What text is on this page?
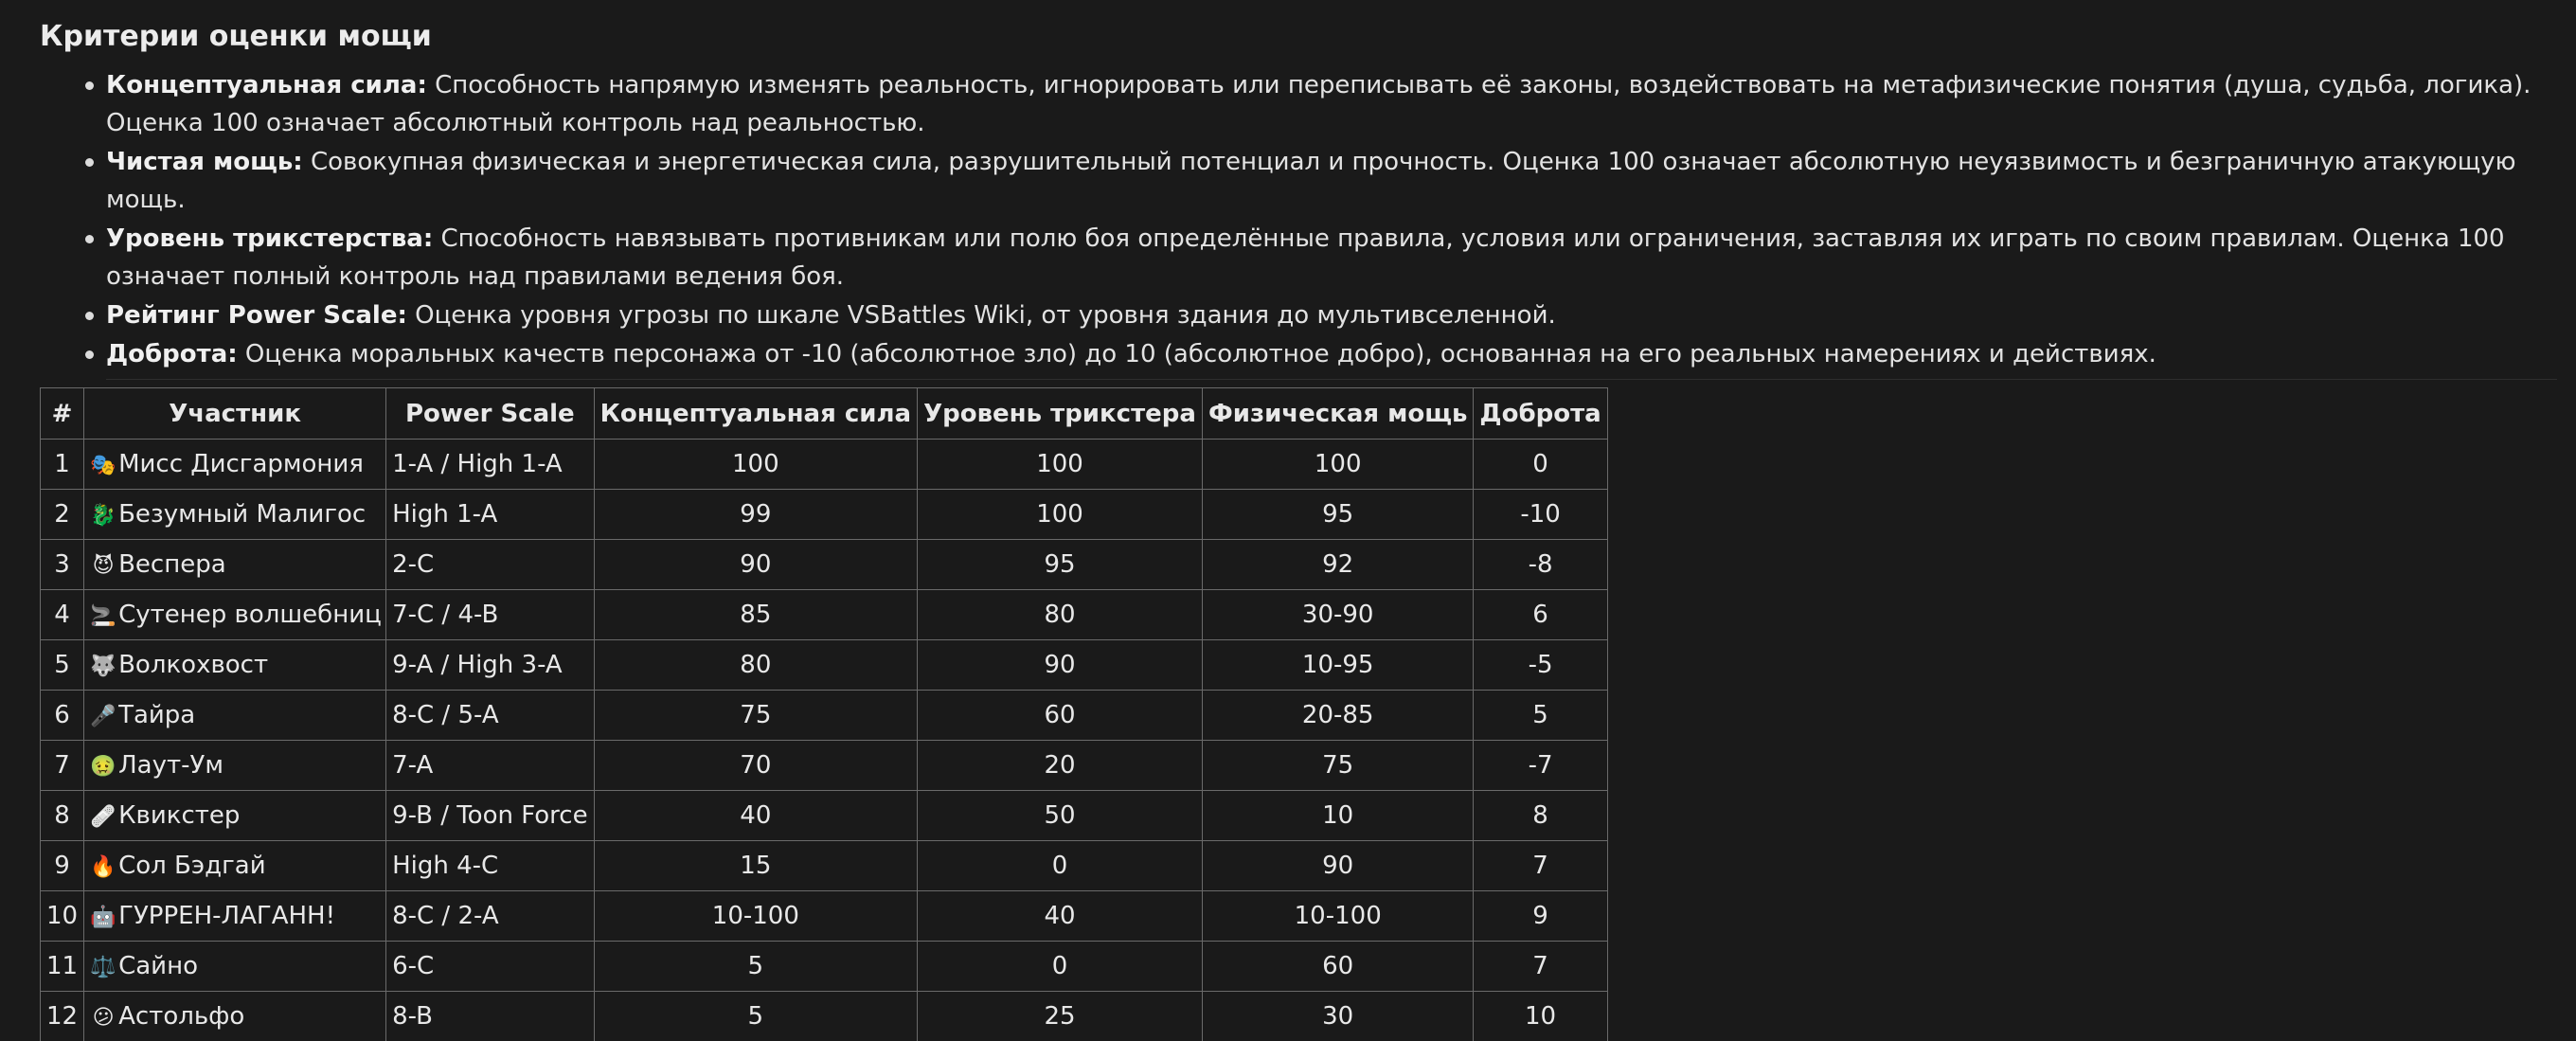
Критерии оценки мощи
Концептуальная сила: Способность напрямую изменять реальность, игнорировать или переписывать её законы, воздействовать на метафизические понятия (душа, судьба, логика). Оценка 100 означает абсолютный контроль над реальностью.
Чистая мощь: Совокупная физическая и энергетическая сила, разрушительный потенциал и прочность. Оценка 100 означает абсолютную неуязвимость и безграничную атакующую мощь.
Уровень трикстерства: Способность навязывать противникам или полю боя определённые правила, условия или ограничения, заставляя их играть по своим правилам. Оценка 100 означает полный контроль над правилами ведения боя.
Рейтинг Power Scale: Оценка уровня угрозы по шкале VSBattles Wiki, от уровня здания до мультивселенной.
Доброта: Оценка моральных качеств персонажа от -10 (абсолютное зло) до 10 (абсолютное добро), основанная на его реальных намерениях и действиях.
#	Участник	Power Scale	Концептуальная сила	Уровень трикстера	Физическая мощь	Доброта
1	🎭Мисс Дисгармония	1-A / High 1-A	100	100	100	0
2	🐉Безумный Малигос	High 1-A	99	100	95	-10
3	😈 Веспера	2-C	90	95	92	-8
4	🚬Сутенер волшебниц	7-C / 4-B	85	80	30-90	6
5	🐺Волкохвост	9-A / High 3-A	80	90	10-95	-5
6	🎤Тайра	8-C / 5-A	75	60	20-85	5
7	🤢Лаут-Ум	7-A	70	20	75	-7
8	🩹Квикстер	9-B / Toon Force	40	50	10	8
9	🔥Сол Бэдгай	High 4-C	15	0	90	7
10	🤖ГУРРЕН-ЛАГАНН!	8-C / 2-A	10-100	40	10-100	9
11	⚖️Сайно	6-C	5	0	60	7
12	😕 Астольфо	8-B	5	25	30	10
